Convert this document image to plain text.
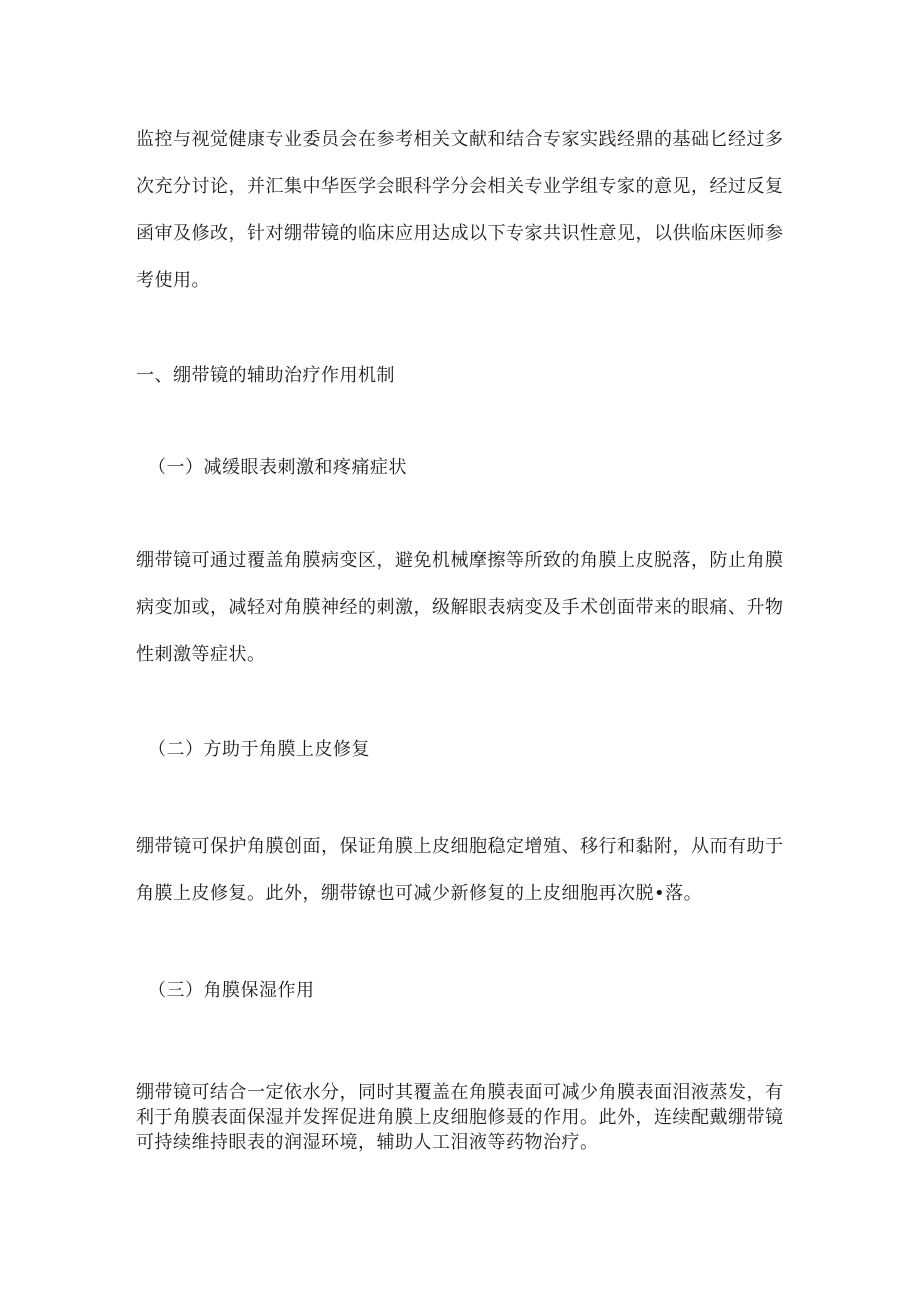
监控与视觉健康专业委员会在参考相关文献和结合专家实践经鼎的基础匕经过多次充分讨论，并汇集中华医学会眼科学分会相关专业学组专家的意见，经过反复函审及修改，针对绷带镜的临床应用达成以下专家共识性意见，以供临床医师参考使用。

一、绷带镜的辅助治疗作用机制

（一）减缓眼表刺激和疼痛症状

绷带镜可通过覆盖角膜病变区，避免机械摩擦等所致的角膜上皮脱落，防止角膜病变加或，减轻对角膜神经的刺激，级解眼表病变及手术创面带来的眼痛、升物性刺激等症状。

（二）方助于角膜上皮修复

绷带镜可保护角膜创面，保证角膜上皮细胞稳定增殖、移行和黏附，从而有助于角膜上皮修复。此外，绷带镣也可减少新修复的上皮细胞再次脱•落。

（三）角膜保湿作用

绷带镜可结合一定依水分，同时其覆盖在角膜表面可减少角膜表面泪液蒸发，有利于角膜表面保湿并发挥促进角膜上皮细胞修聂的作用。此外，连续配戴绷带镜可持续维持眼表的润湿环境，辅助人工泪液等药物治疗。
